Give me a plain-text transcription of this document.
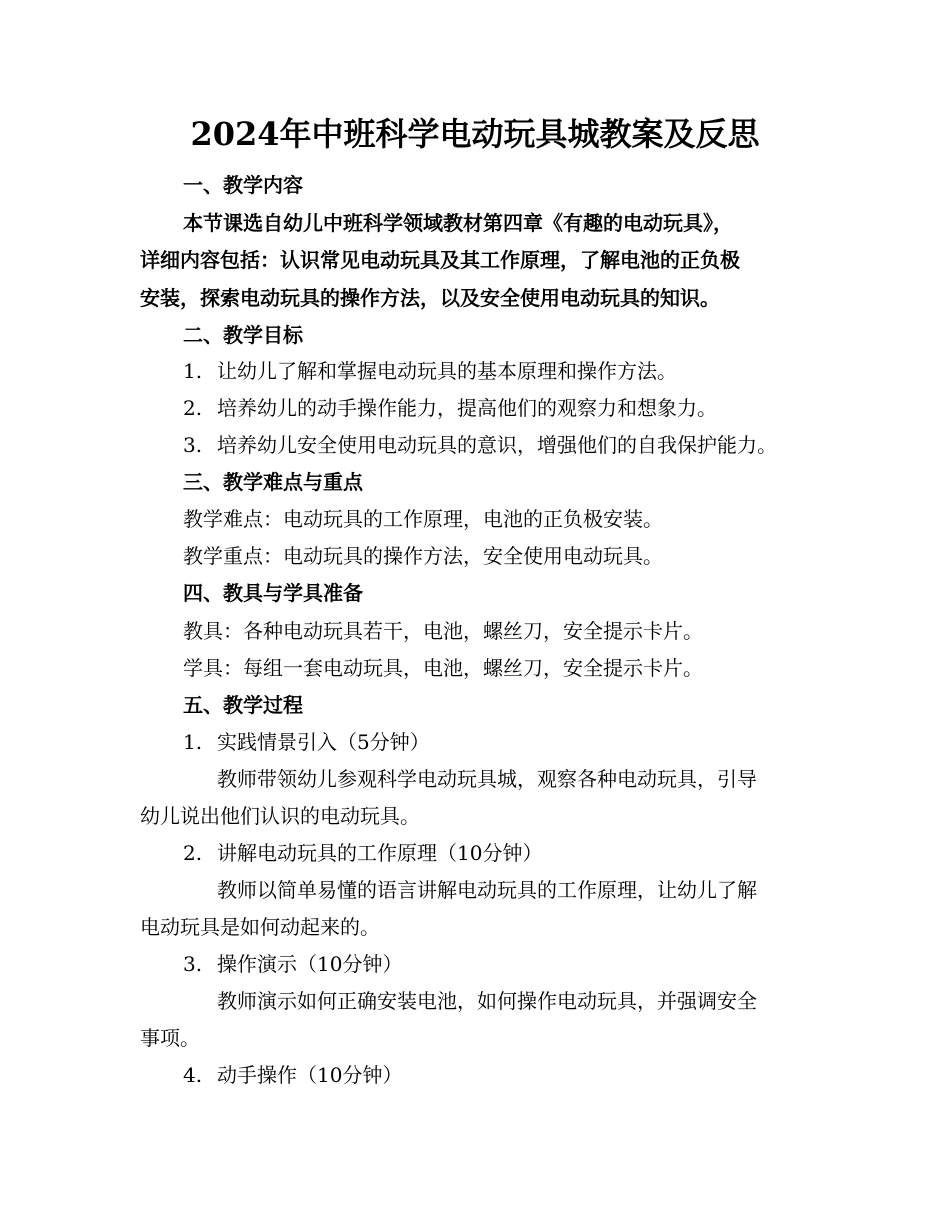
2024年中班科学电动玩具城教案及反思
一、教学内容
本节课选自幼儿中班科学领域教材第四章《有趣的电动玩具》，
详细内容包括：认识常见电动玩具及其工作原理，了解电池的正负极
安装，探索电动玩具的操作方法，以及安全使用电动玩具的知识。
二、教学目标
1. 让幼儿了解和掌握电动玩具的基本原理和操作方法。
2. 培养幼儿的动手操作能力，提高他们的观察力和想象力。
3. 培养幼儿安全使用电动玩具的意识，增强他们的自我保护能力。
三、教学难点与重点
教学难点：电动玩具的工作原理，电池的正负极安装。
教学重点：电动玩具的操作方法，安全使用电动玩具。
四、教具与学具准备
教具：各种电动玩具若干，电池，螺丝刀，安全提示卡片。
学具：每组一套电动玩具，电池，螺丝刀，安全提示卡片。
五、教学过程
1. 实践情景引入（5分钟）
教师带领幼儿参观科学电动玩具城，观察各种电动玩具，引导
幼儿说出他们认识的电动玩具。
2. 讲解电动玩具的工作原理（10分钟）
教师以简单易懂的语言讲解电动玩具的工作原理，让幼儿了解
电动玩具是如何动起来的。
3. 操作演示（10分钟）
教师演示如何正确安装电池，如何操作电动玩具，并强调安全
事项。
4. 动手操作（10分钟）
